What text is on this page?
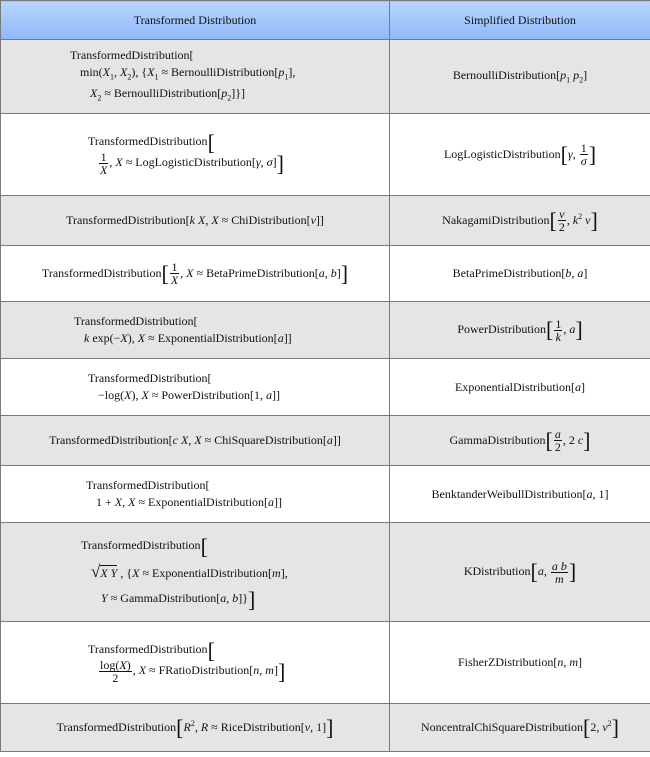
Transformed Distribution	Simplified Distribution
TransformedDistribution[
$\min(X_1$, $X_2$), {$X_1$ ≈ $BernoulliDistribution[p_1]$,
$X_2$ ≈ $BernoulliDistribution[p_2]$}]	$BernoulliDistribution[p_1$ $p_2$]
TransformedDistribution[

$\frac{1}{X}$ , X ≈ LogLogisticDistribution[γ, σ]]	LogLogisticDistribution[γ, $\frac{1}{\sigma}$ ]
TransformedDistribution[k X, X ≈ ChiDistribution[ν]]	NakagamiDistribution[ $\frac{\nu}{2}$ , $k^2$ ν]
TransformedDistribution[ $\frac{1}{X}$ , X ≈ BetaPrimeDistribution[a, b]]	BetaPrimeDistribution[b, a]
TransformedDistribution[
k exp(−X), X ≈ ExponentialDistribution[a]]	PowerDistribution[ $\frac{1}{k}$ , a]
TransformedDistribution[
−log(X), X ≈ PowerDistribution[1, a]]	ExponentialDistribution[a]
TransformedDistribution[c X, X ≈ ChiSquareDistribution[a]]	GammaDistribution[ $\frac{a}{2}$ , 2 c]
TransformedDistribution[
1 + X, X ≈ ExponentialDistribution[a]]	BenktanderWeibullDistribution[a, 1]
TransformedDistribution[
√X Y , {X ≈ ExponentialDistribution[m],
Y ≈ GammaDistribution[a, b]}]	KDistribution[a, $\frac{\text{a b}}{m}$ ]
TransformedDistribution[

$\frac{\log(X)}{2}$ , X ≈ FRatioDistribution[n, m]]	FisherZDistribution[n, m]
$TransformedDistribution[R^2$, R ≈ RiceDistribution[ν, 1]]	NoncentralChiSquareDistribution[2, $\nu^2$]
